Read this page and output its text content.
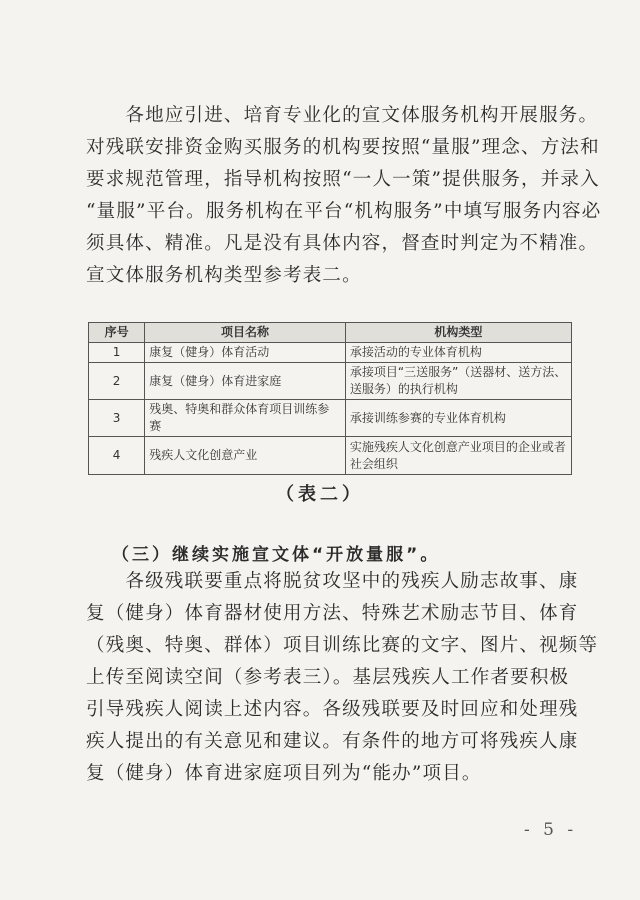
　　各地应引进、培育专业化的宣文体服务机构开展服务。
对残联安排资金购买服务的机构要按照“量服”理念、方法和
要求规范管理，指导机构按照“一人一策”提供服务，并录入
“量服”平台。服务机构在平台“机构服务”中填写服务内容必
须具体、精准。凡是没有具体内容，督查时判定为不精准。
宣文体服务机构类型参考表二。
序号	项目名称	机构类型
1	康复（健身）体育活动	承接活动的专业体育机构
2	康复（健身）体育进家庭	承接项目“三送服务”（送器材、送方法、送服务）的执行机构
3	残奥、特奥和群众体育项目训练参赛	承接训练参赛的专业体育机构
4	残疾人文化创意产业	实施残疾人文化创意产业项目的企业或者社会组织
（表二）
（三）继续实施宣文体“开放量服”。
　　各级残联要重点将脱贫攻坚中的残疾人励志故事、康
复（健身）体育器材使用方法、特殊艺术励志节目、体育
（残奥、特奥、群体）项目训练比赛的文字、图片、视频等
上传至阅读空间（参考表三）。基层残疾人工作者要积极
引导残疾人阅读上述内容。各级残联要及时回应和处理残
疾人提出的有关意见和建议。有条件的地方可将残疾人康
复（健身）体育进家庭项目列为“能办”项目。
- 5 -
